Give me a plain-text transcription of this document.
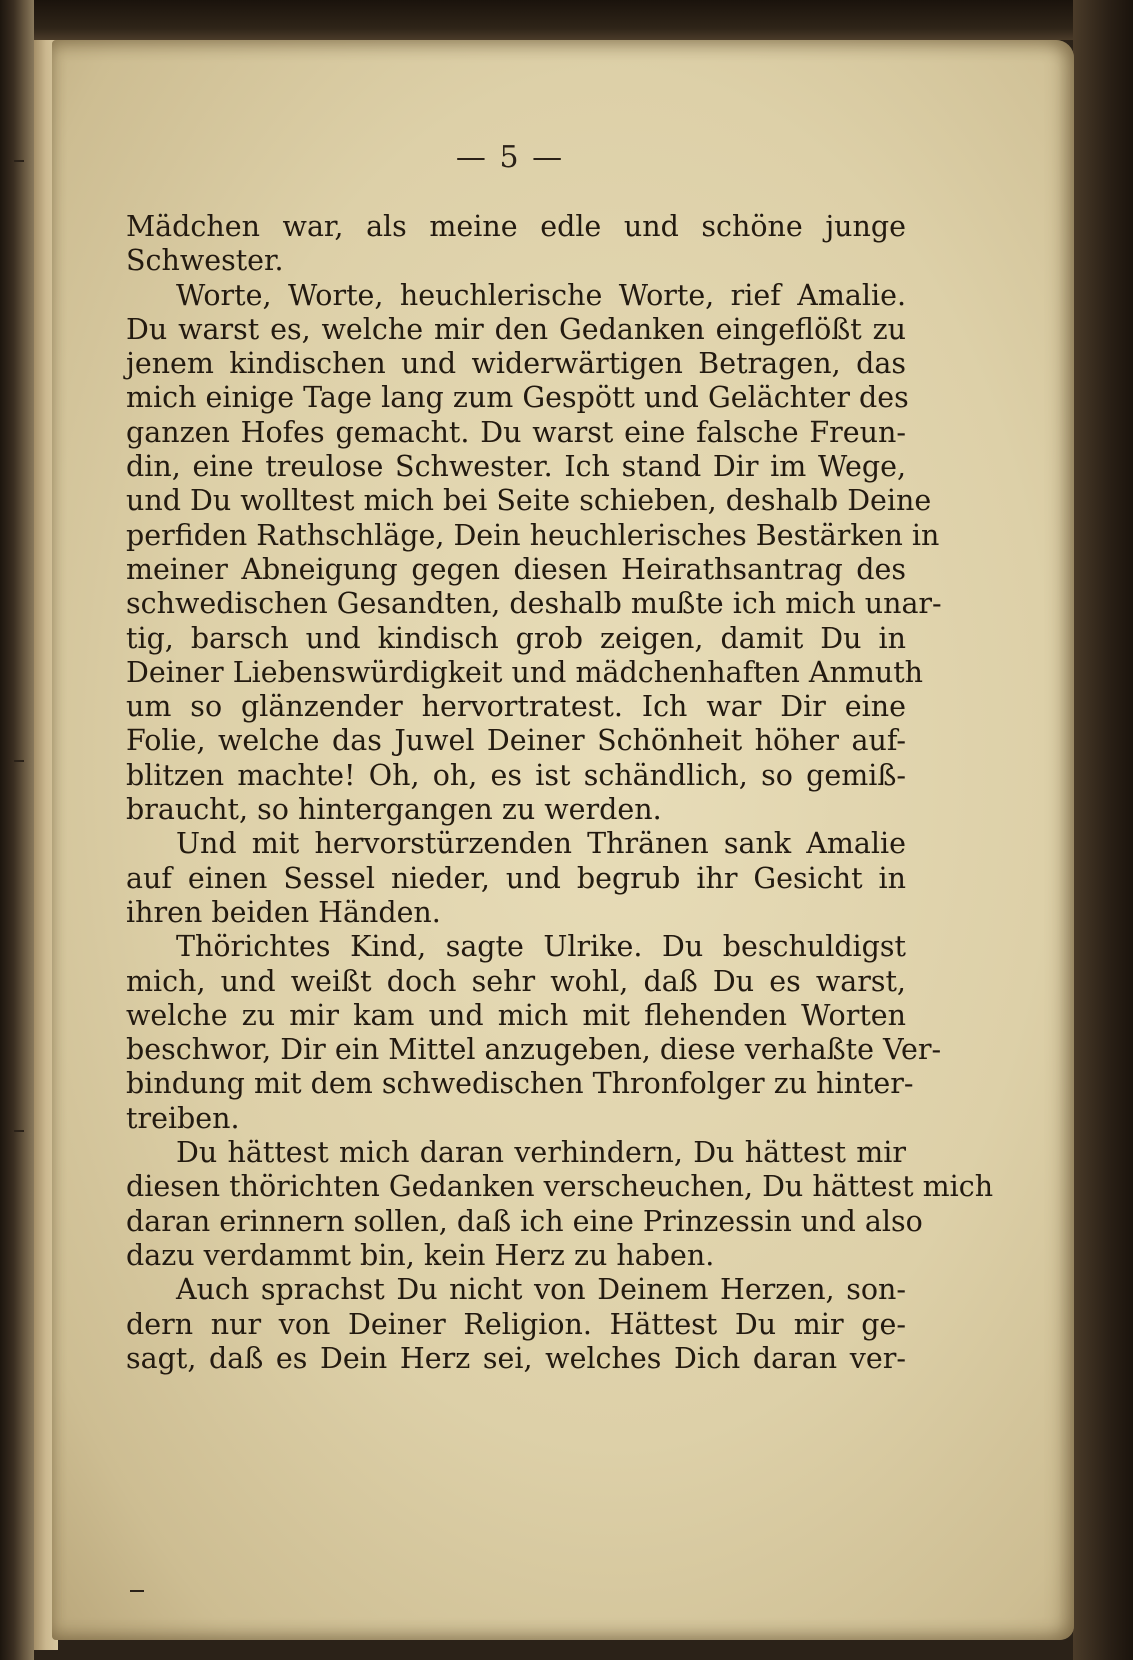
— 5 —
Mädchen war, als meine edle und schöne junge
Schwester.
Worte, Worte, heuchlerische Worte, rief Amalie.
Du warst es, welche mir den Gedanken eingeflößt zu
jenem kindischen und widerwärtigen Betragen, das
mich einige Tage lang zum Gespött und Gelächter des
ganzen Hofes gemacht. Du warst eine falsche Freun-
din, eine treulose Schwester. Ich stand Dir im Wege,
und Du wolltest mich bei Seite schieben, deshalb Deine
perfiden Rathschläge, Dein heuchlerisches Bestärken in
meiner Abneigung gegen diesen Heirathsantrag des
schwedischen Gesandten, deshalb mußte ich mich unar-
tig, barsch und kindisch grob zeigen, damit Du in
Deiner Liebenswürdigkeit und mädchenhaften Anmuth
um so glänzender hervortratest. Ich war Dir eine
Folie, welche das Juwel Deiner Schönheit höher auf-
blitzen machte! Oh, oh, es ist schändlich, so gemiß-
braucht, so hintergangen zu werden.
Und mit hervorstürzenden Thränen sank Amalie
auf einen Sessel nieder, und begrub ihr Gesicht in
ihren beiden Händen.
Thörichtes Kind, sagte Ulrike. Du beschuldigst
mich, und weißt doch sehr wohl, daß Du es warst,
welche zu mir kam und mich mit flehenden Worten
beschwor, Dir ein Mittel anzugeben, diese verhaßte Ver-
bindung mit dem schwedischen Thronfolger zu hinter-
treiben.
Du hättest mich daran verhindern, Du hättest mir
diesen thörichten Gedanken verscheuchen, Du hättest mich
daran erinnern sollen, daß ich eine Prinzessin und also
dazu verdammt bin, kein Herz zu haben.
Auch sprachst Du nicht von Deinem Herzen, son-
dern nur von Deiner Religion. Hättest Du mir ge-
sagt, daß es Dein Herz sei, welches Dich daran ver-
